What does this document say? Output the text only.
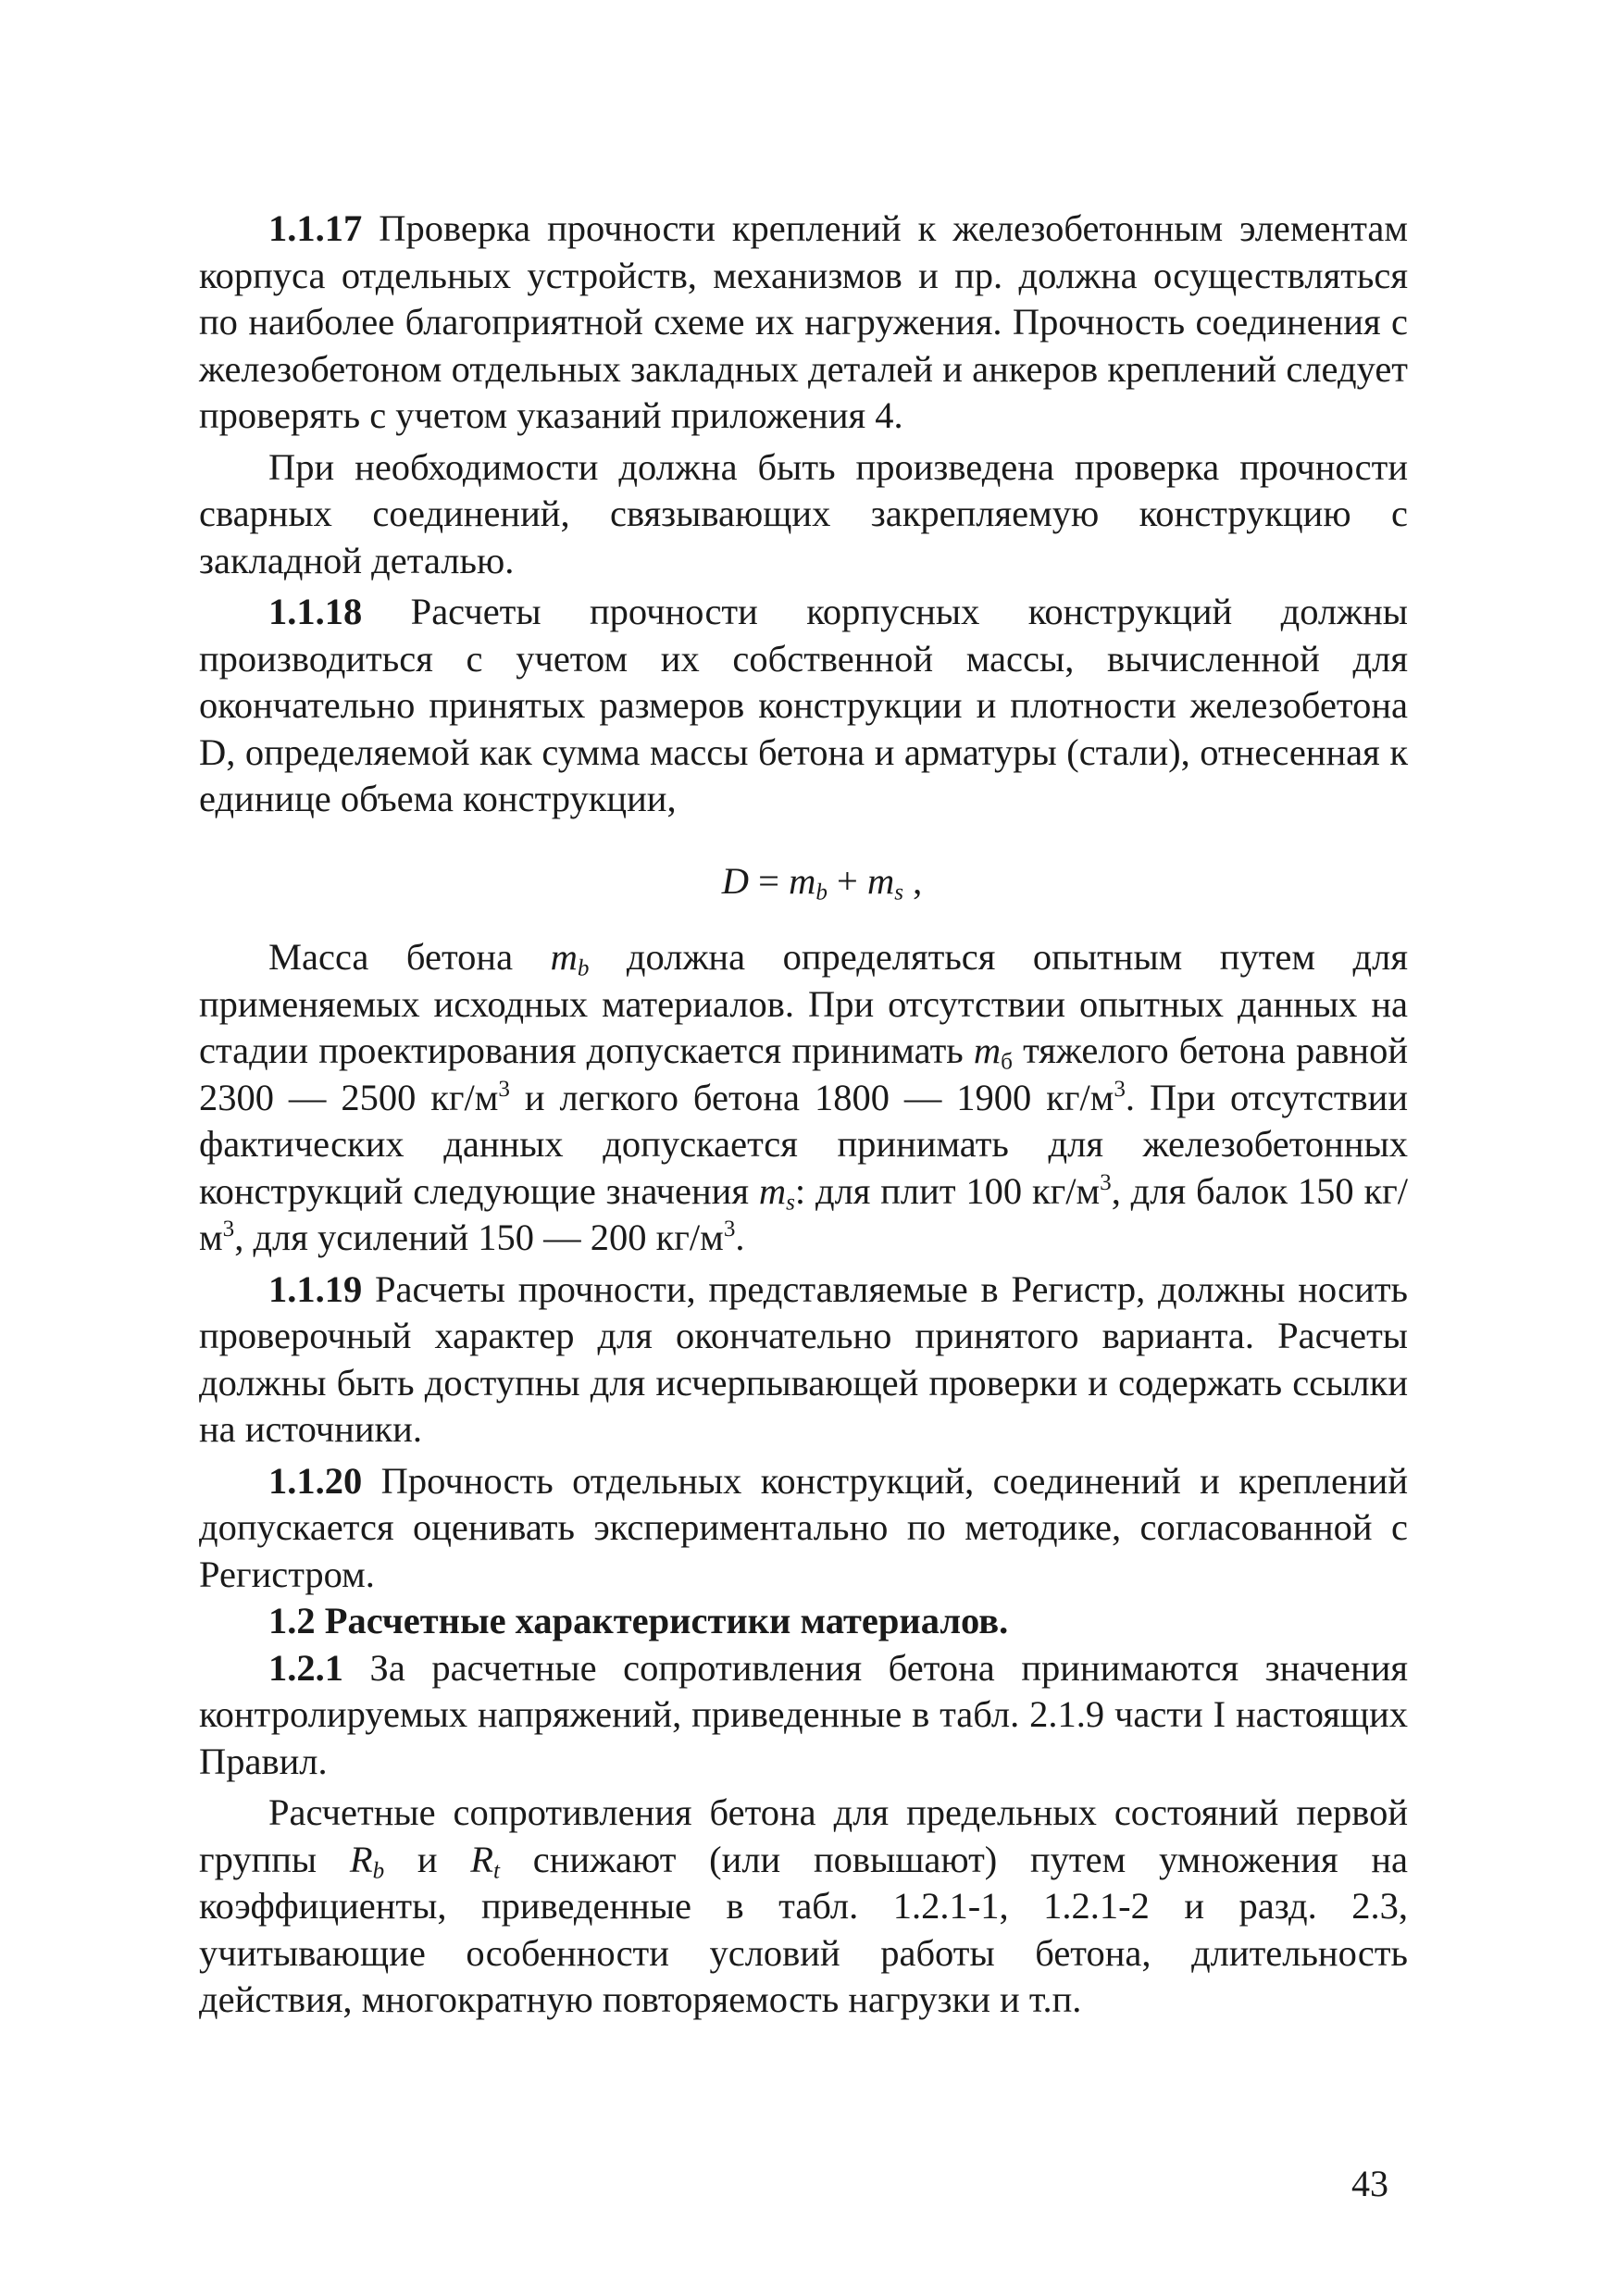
1.1.17 Проверка прочности креплений к железобетонным элементам корпуса отдельных устройств, механизмов и пр. должна осуществляться по наиболее благоприятной схеме их нагружения. Прочность соединения с железобетоном отдельных закладных деталей и анкеров креплений следует проверять с учетом указаний приложения 4.

При необходимости должна быть произведена проверка прочности сварных соединений, связывающих закрепляемую конструкцию с закладной деталью.

1.1.18 Расчеты прочности корпусных конструкций должны производиться с учетом их собственной массы, вычисленной для окончательно принятых размеров конструкции и плотности железобетона D, определяемой как сумма массы бетона и арматуры (стали), отнесенная к единице объема конструкции,

$D = m_b + m_s$ ,

Масса бетона $m_b$ должна определяться опытным путем для применяемых исходных материалов. При отсутствии опытных данных на стадии проектирования допускается принимать $m_б$ тяжелого бетона равной 2300 — 2500 $кг/м^3$ и легкого бетона 1800 — 1900 $кг/м^3$. При отсутствии фактических данных допускается принимать для железобетонных конструкций следующие значения $m_s$: для плит 100 $кг/м^3$, для балок 150 $кг/м^3$, для усилений 150 — 200 $кг/м^3$.

1.1.19 Расчеты прочности, представляемые в Регистр, должны носить проверочный характер для окончательно принятого варианта. Расчеты должны быть доступны для исчерпывающей проверки и содержать ссылки на источники.

1.1.20 Прочность отдельных конструкций, соединений и креплений допускается оценивать экспериментально по методике, согласованной с Регистром.

1.2 Расчетные характеристики материалов.

1.2.1 За расчетные сопротивления бетона принимаются значения контролируемых напряжений, приведенные в табл. 2.1.9 части I настоящих Правил.

Расчетные сопротивления бетона для предельных состояний первой группы $R_b$ и $R_t$ снижают (или повышают) путем умножения на коэффициенты, приведенные в табл. 1.2.1-1, 1.2.1-2 и разд. 2.3, учитывающие особенности условий работы бетона, длительность действия, многократную повторяемость нагрузки и т.п.

43
